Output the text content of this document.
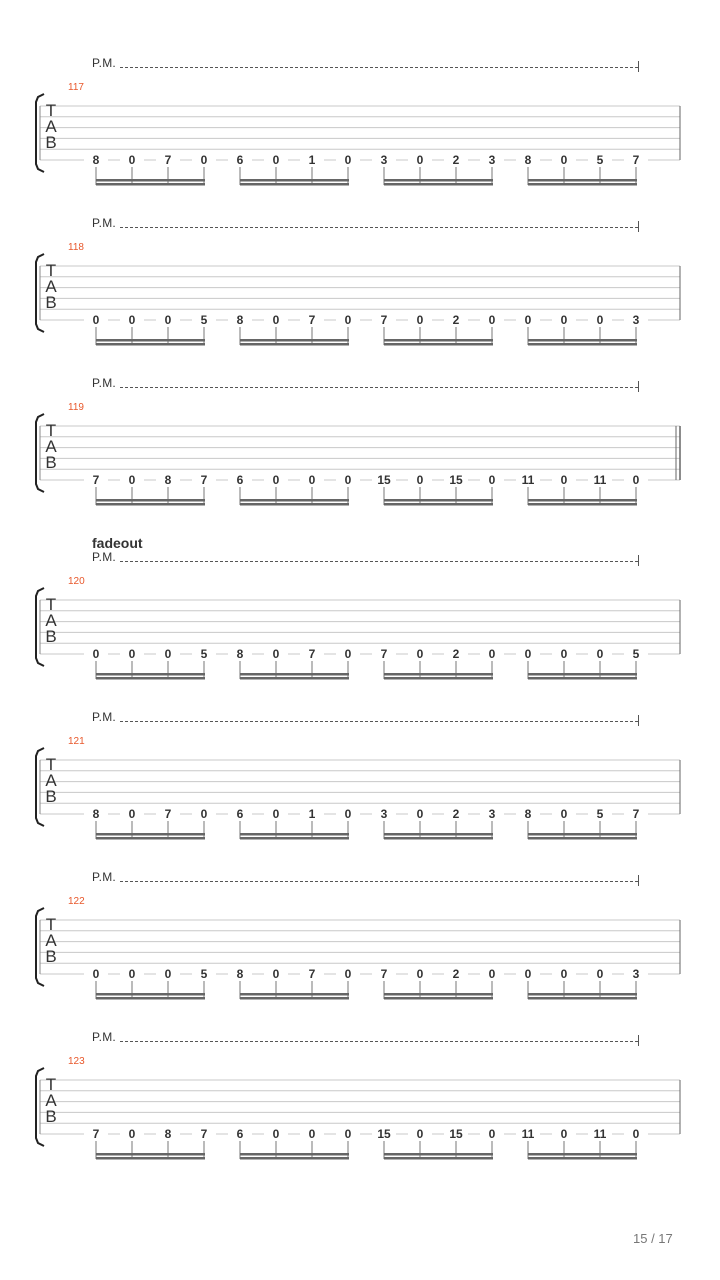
fadeout
P.M.
117
T
A
B
8	0	7	0	6	0	1	0	3	0	2	3	8	0	5	7
P.M.
118
T
A
B
0	0	0	5	8	0	7	0	7	0	2	0	0	0	0	3
P.M.
119
T
A
B
7	0	8	7	6	0	0	0	15	0	15	0	11	0	11	0
P.M.
120
T
A
B
0	0	0	5	8	0	7	0	7	0	2	0	0	0	0	5
P.M.
121
T
A
B
8	0	7	0	6	0	1	0	3	0	2	3	8	0	5	7
P.M.
122
T
A
B
0	0	0	5	8	0	7	0	7	0	2	0	0	0	0	3
P.M.
123
T
A
B
7	0	8	7	6	0	0	0	15	0	15	0	11	0	11	0
15 / 17
